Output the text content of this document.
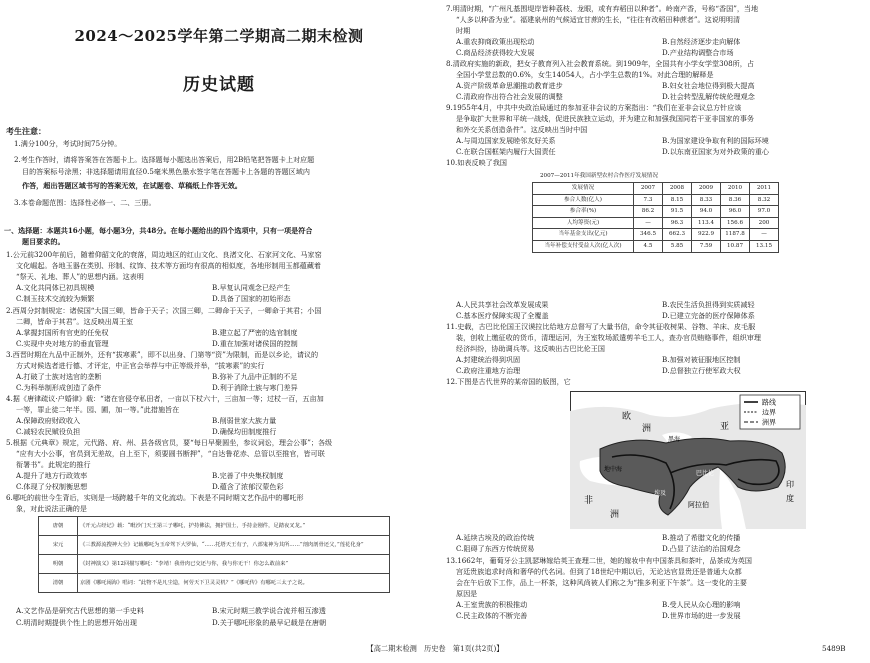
2024～2025学年第二学期高二期末检测
历史试题
考生注意：
1.满分100分，考试时间75分钟。
2.考生作答时，请将答案答在答题卡上。选择题每小题选出答案后，用2B铅笔把答题卡上对应题
目的答案标号涂黑；非选择题请用直径0.5毫米黑色墨水签字笔在答题卡上各题的答题区域内
作答，超出答题区域书写的答案无效，在试题卷、草稿纸上作答无效。
3.本卷命题范围：选择性必修一、二、三册。
一、选择题：本题共16小题，每小题3分，共48分。在每小题给出的四个选项中，只有一项是符合
题目要求的。
1.公元前3200年前后，随着仰韶文化的衰落，周边地区的红山文化、良渚文化、石家河文化、马家窑
文化崛起。各地玉器在类别、形制、纹饰、技术等方面均有很高的相似度，各地形制用玉都蕴藏着
“祭天、礼地、葬人”的思想内涵。这表明
A.文化共同体已初具规模	B.早复认同观念已经产生
C.制玉技术交流较为频繁	D.具备了国家的初始形态
2.西周分封制规定：诸侯国“大国三卿，皆命于天子；次国三卿，二卿命于天子，一卿命于其君；小国
二卿，皆命于其君”。这反映出周王室
A.掌握封国所有官吏的任免权	B.建立起了严密的选官制度
C.实现中央对地方的垂直管理	D.重在加强对诸侯国的控制
3.西晋时期在九品中正制外，还有“拔寒素”，即不以出身、门第等“资”为限制，而是以乡论，请议的
方式对候选者进行德、才评定，中正官会举荐与中正等级并举，“拔寒素”的实行
A.打破了士族对选官的垄断	B.弥补了九品中正制的不足
C.为科举制形成创造了条件	D.利于消除士族与寒门差异
4.据《唐律疏议·户婚律》载：“诸在官侵夺私田者，一亩以下杖六十，三亩加一等；过杖一百，五亩加
一等，罪止徒二年半。园、圃，加一等。”此措施旨在
A.保障政府财政收入	B.削弱世家大族力量
C.减轻农民赋役负担	D.确保均田制度推行
5.根据《元典章》规定，元代路、府、州、县各级官员，要“每日早聚圆坐，参议词讼，理会公事”；各级
“应有大小公事，官员到无差故，自上至下，须要圆书断押”，“自达鲁花赤、总管以至推官，皆可联
衔署书”。此规定的推行
A.提升了地方行政效率	B.完善了中央集权制度
C.体现了分权制衡思想	D.蕴含了浓郁汉蒙色彩
6.哪吒的前世今生背后，实则是一场跨越千年的文化流动。下表是不同时期文艺作品中的哪吒形
象，对此说法正确的是
唐朝	《开元占经记》载：“毗沙门天王第三子哪吒，护持佛法，拥护国土，手持金刚件，足踏夜叉龙。”
宋元	《三教源流搜神大全》记载哪吒为玉帝驾下大罗仙，“……托塔天王有子，八部鬼神为其所……”剖肉剖骨还父，”莲花化身”
明朝	《封神演义》第12回描写哪吒：“李靖！我骨肉已交还与你，我与你无干！你怎么敢前来”
清朝	京剧《哪吒闹海》唱词：“此物不是凡尘造，何劳天下卫灵灵机？”《哪吒传》有哪吒三太子之说。
A.文艺作品是研究古代思想的第一手史料	B.宋元时期三教学说合流并相互渗透
C.明清时期提供个性上的思想开始出现	D.关于哪吒形象的最早记载是在唐朝
7.明清时期，“广州凡基围堤岸皆种荔枝、龙眼，或有弃稻田以种者”。岭南产香，号称“香国”，当地
“人多以种香为业”。福建泉州的气候适宜甘蔗的生长，“往往有改稻田种蔗者”。这说明明清
时期
A.重农抑商政策出现松动	B.自然经济逐步走向解体
C.商品经济获得较大发展	D.产业结构调整合市场
8.清政府实施的新政，把女子教育列入社会教育系统。到1909年，全国共有小学女学堂308所，占
全国小学堂总数的0.6%，女生14054人，占小学生总数的1%。对此合理的解释是
A.资产阶级革命思潮推动教育进步	B.妇女社会地位得到极大提高
C.清政府作出符合社会发展的调整	D.社会转型乱解传统伦理观念
9.1955年4月，中共中央政治局通过的参加亚非会议的方案指出：“我们在亚非会议总方针应该
是争取扩大世界和平统一战线，促进民族独立运动，并为建立和加强我国同若干亚非国家的事务
和外交关系创造条件”。这反映出当时中国
A.与周边国家发展睦邻友好关系	B.为国家建设争取有利的国际环境
C.在联合国框架内履行大国责任	D.以东南亚国家为对外政策的重心
10.如表反映了我国
2007—2011年我国新型农村合作医疗发展情况
发展情况	2007	2008	2009	2010	2011
参合人数(亿人)	7.3	8.15	8.33	8.36	8.32
参合率(%)	86.2	91.5	94.0	96.0	97.0
人均筹资(元)	—	96.3	113.4	156.6	200
当年基金支出(亿元)	346.5	662.3	922.9	1187.8	—
当年补偿支付受益人次(亿人次)	4.5	5.85	7.59	10.87	13.15
A.人民共享社会改革发展成果	B.农民生活负担得到实质减轻
C.基本医疗保障实现了全覆盖	D.已建立完备的医疗保障体系
11.史载，古巴比伦国王汉谟拉比给地方总督写了大量书信，命令其征收树果、谷物、羊床、皮毛服
装，创收上缴征收的货币，清理运河，为王室牧场派遣剪羊毛工人，查办官员贿赂事件，组织审理
经济纠纷，协助调兵等。这反映出古巴比伦王国
A.封建统治得到巩固	B.加强对被征服地区控制
C.政府注重地方治理	D.总督独立行使军政大权
12.下图是古代世界的某帝国的版图，它
路线
边界
洲界
欧
洲	亚
黑海
地中海
非
洲
巴比伦
阿拉伯
印
度
埃及
A.延续古埃及的政治传统	B.推动了希腊文化的传播
C.阻碍了东西方传统贸易	D.凸显了法治的治国观念
13.1662年，葡萄牙公主凯瑟琳嫁给英王查理二世，她的嫁妆中有中国茶具和茶叶，品茶成为英国
宫廷贵族追求时尚和奢华的代名词。但到了18世纪中期以后，无论达官显贵还是普通大众都
会在午后放下工作，品上一杯茶，这种风尚被人们称之为“推多利亚下午茶”。这一变化的主要
原因是
A.王室贵族的积极推动	B.受人民从众心理的影响
C.民主政体的不断完善	D.世界市场的进一步发展
【高二期末检测　历史卷　第1页(共2页)】	5489B
